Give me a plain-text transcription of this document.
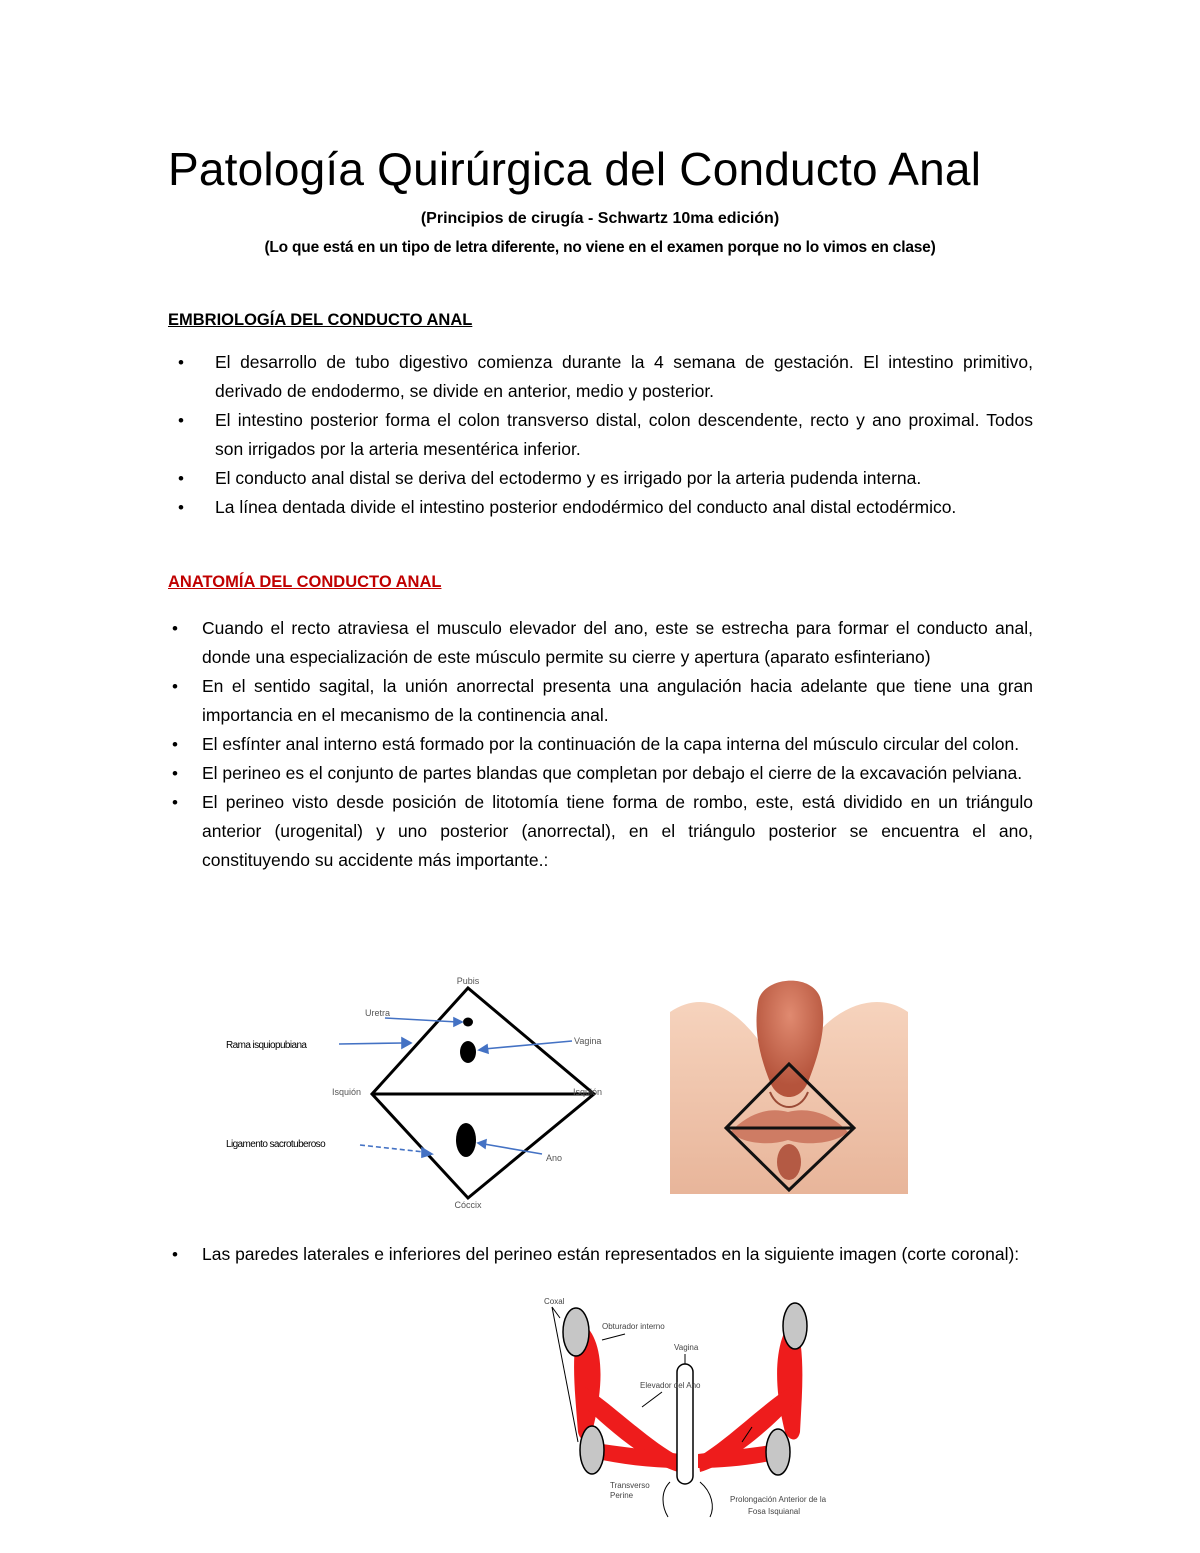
Patología Quirúrgica del Conducto Anal
(Principios de cirugía - Schwartz 10ma edición)
(Lo que está en un tipo de letra diferente, no viene en el examen porque no lo vimos en clase)
EMBRIOLOGÍA DEL CONDUCTO ANAL
• El desarrollo de tubo digestivo comienza durante la 4 semana de gestación. El intestino primitivo, derivado de endodermo, se divide en anterior, medio y posterior.
• El intestino posterior forma el colon transverso distal, colon descendente, recto y ano proximal. Todos son irrigados por la arteria mesentérica inferior.
• El conducto anal distal se deriva del ectodermo y es irrigado por la arteria pudenda interna.
• La línea dentada divide el intestino posterior endodérmico del conducto anal distal ectodérmico.
ANATOMÍA DEL CONDUCTO ANAL
• Cuando el recto atraviesa el musculo elevador del ano, este se estrecha para formar el conducto anal, donde una especialización de este músculo permite su cierre y apertura (aparato esfinteriano)
• En el sentido sagital, la unión anorrectal presenta una angulación hacia adelante que tiene una gran importancia en el mecanismo de la continencia anal.
• El esfínter anal interno está formado por la continuación de la capa interna del músculo circular del colon.
• El perineo es el conjunto de partes blandas que completan por debajo el cierre de la excavación pelviana.
• El perineo visto desde posición de litotomía tiene forma de rombo, este, está dividido en un triángulo anterior (urogenital) y uno posterior (anorrectal), en el triángulo posterior se encuentra el ano, constituyendo su accidente más importante.:
Pubis
Uretra
Vagina
Rama isquiopubiana
Isquión	Isquión
Ligamento sacrotuberoso
Ano
Cóccix
• Las paredes laterales e inferiores del perineo están representados en la siguiente imagen (corte coronal):
Coxal
Obturador interno
Vagina
Elevador del Ano
Transverso
Perine	Prolongación Anterior de la
Fosa Isquianal
